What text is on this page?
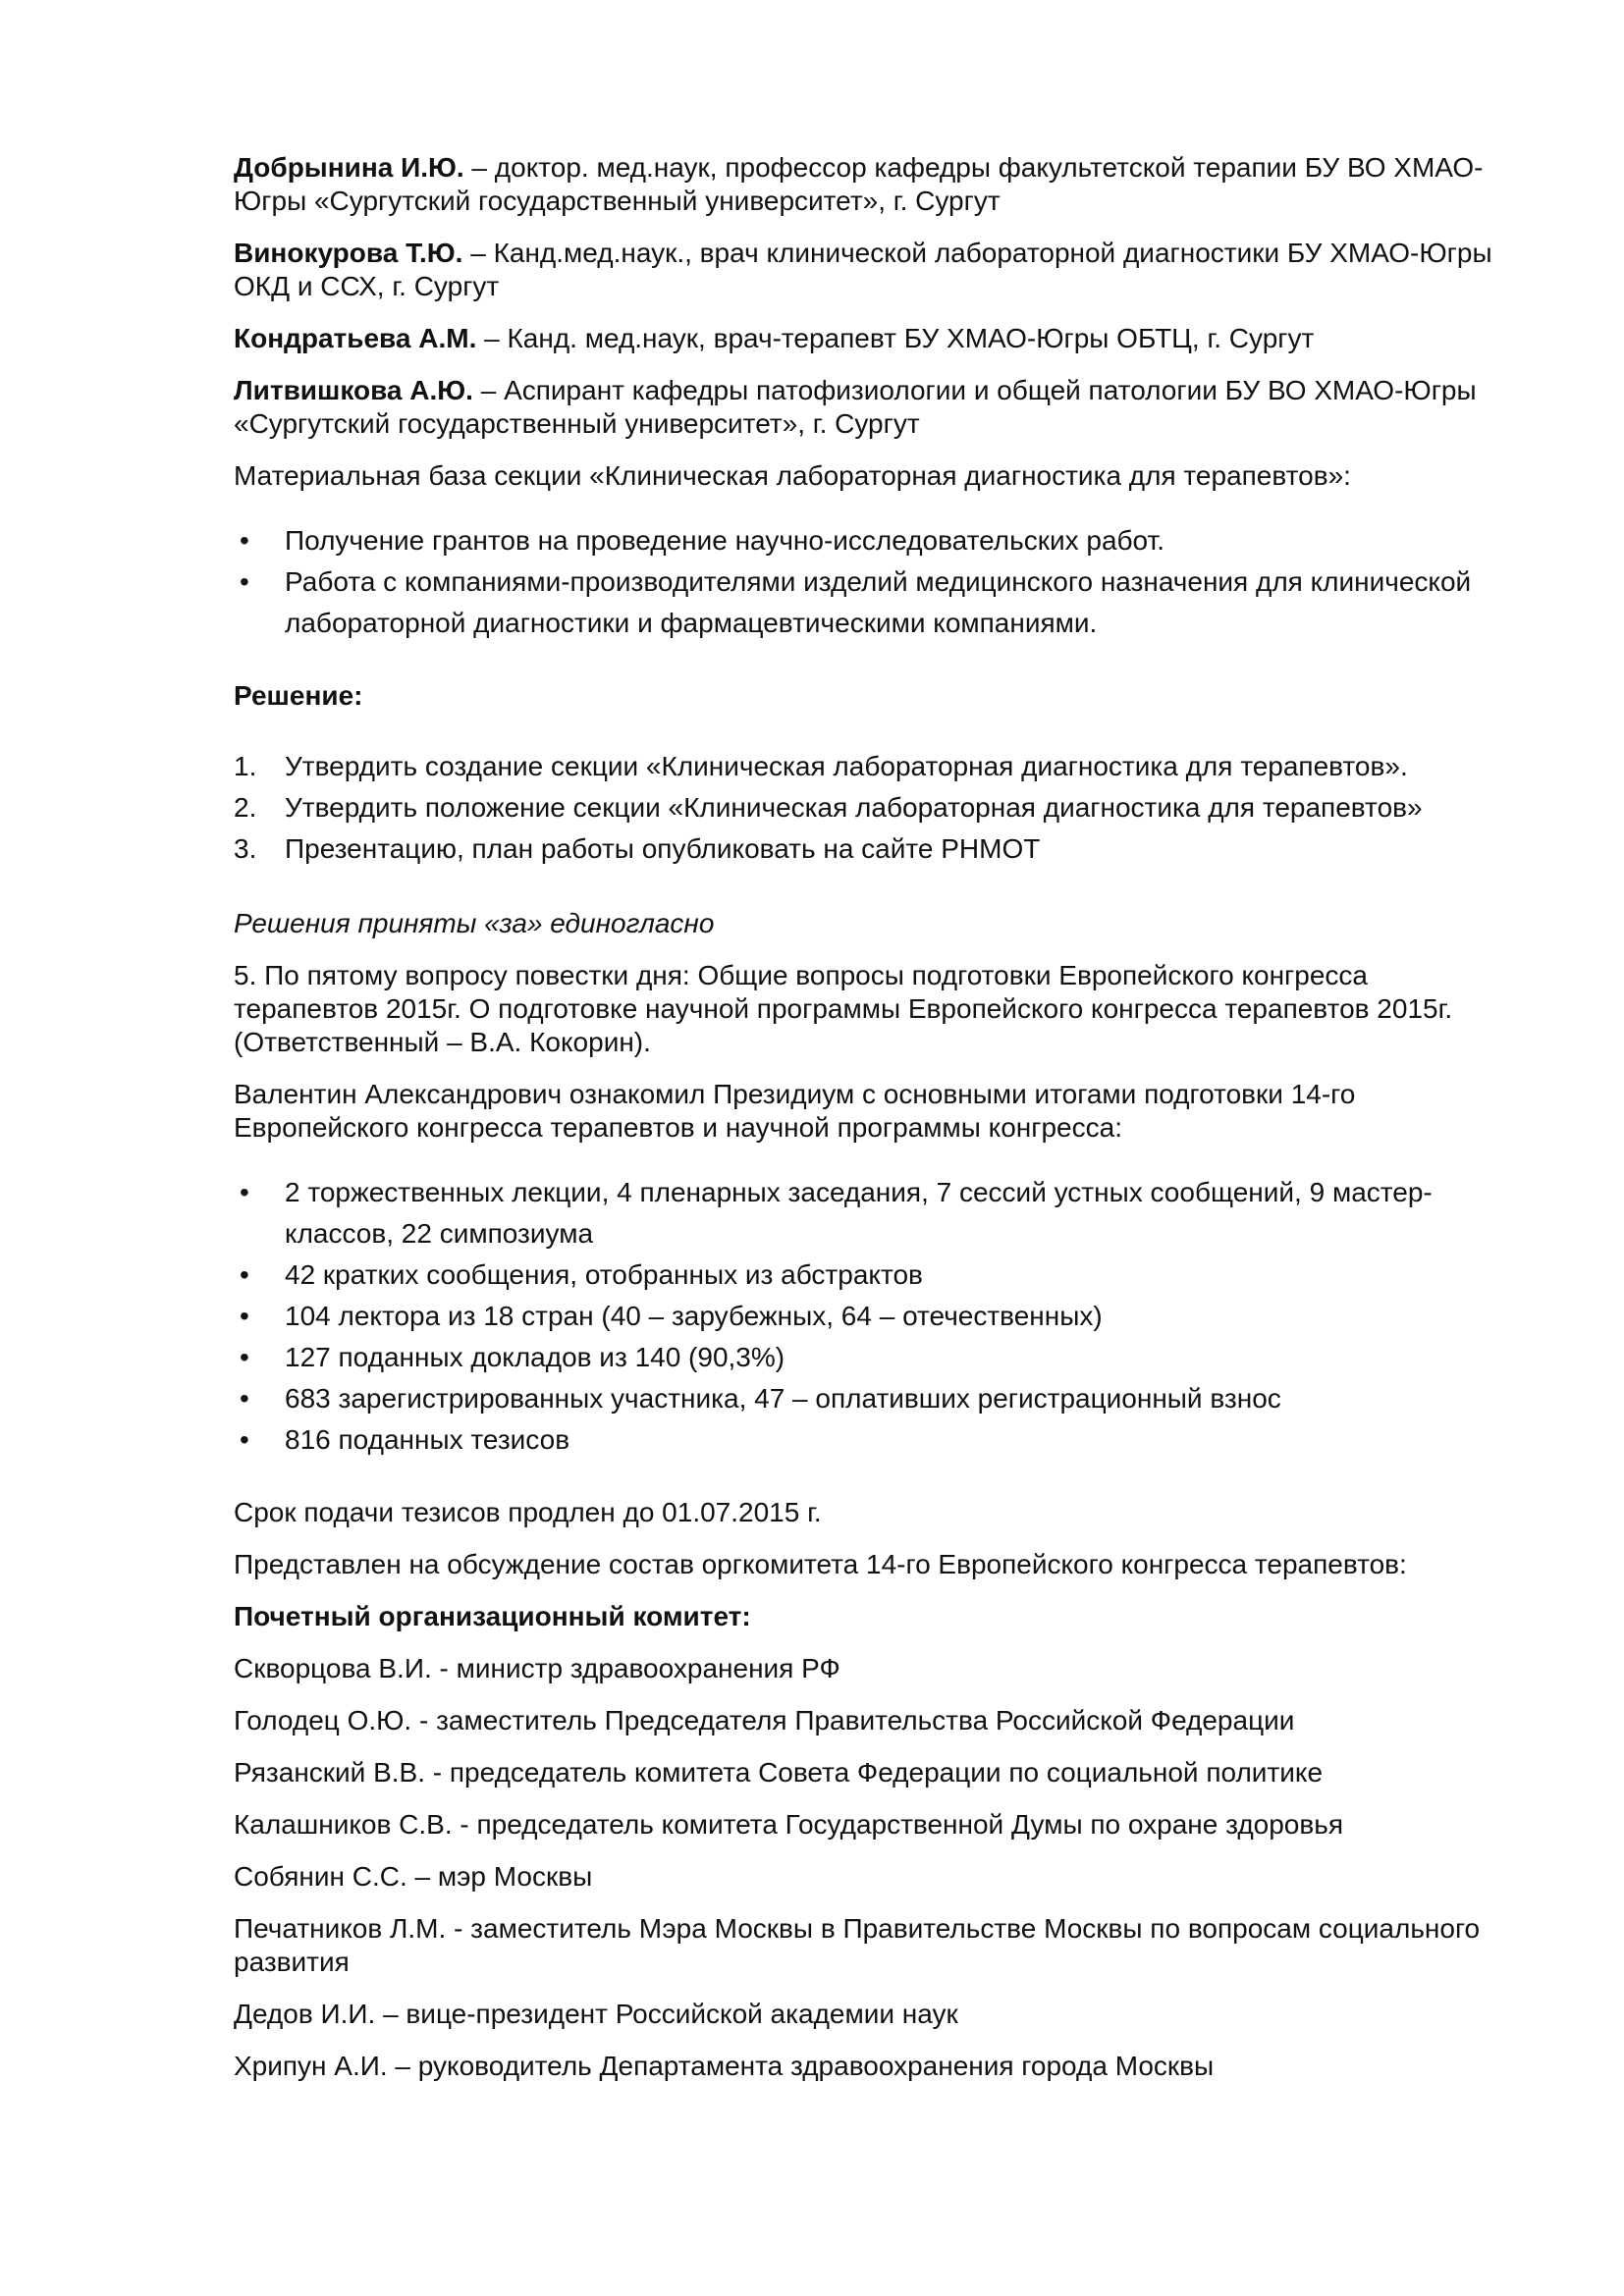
Добрынина И.Ю. – доктор. мед.наук, профессор кафедры факультетской терапии БУ ВО ХМАО-Югры «Сургутский государственный университет», г. Сургут

Винокурова Т.Ю. – Канд.мед.наук., врач клинической лабораторной диагностики БУ ХМАО-Югры ОКД и ССХ, г. Сургут

Кондратьева А.М. – Канд. мед.наук, врач-терапевт БУ ХМАО-Югры ОБТЦ, г. Сургут

Литвишкова А.Ю. – Аспирант кафедры патофизиологии и общей патологии БУ ВО ХМАО-Югры «Сургутский государственный университет», г. Сургут

Материальная база секции «Клиническая лабораторная диагностика для терапевтов»:

•	Получение грантов на проведение научно-исследовательских работ.
•	Работа с компаниями-производителями изделий медицинского назначения для клинической лабораторной диагностики и фармацевтическими компаниями.

Решение:

1. Утвердить создание секции «Клиническая лабораторная диагностика для терапевтов».
2. Утвердить положение секции «Клиническая лабораторная диагностика для терапевтов»
3. Презентацию, план работы опубликовать на сайте РНМОТ

Решения приняты «за» единогласно

5. По пятому вопросу повестки дня: Общие вопросы подготовки Европейского конгресса терапевтов 2015г. О подготовке научной программы Европейского конгресса терапевтов 2015г. (Ответственный – В.А. Кокорин).

Валентин Александрович ознакомил Президиум с основными итогами подготовки 14-го Европейского конгресса терапевтов и научной программы конгресса:

•	2 торжественных лекции, 4 пленарных заседания, 7 сессий устных сообщений, 9 мастер-классов, 22 симпозиума
•	42 кратких сообщения, отобранных из абстрактов
•	104 лектора из 18 стран (40 – зарубежных, 64 – отечественных)
•	127 поданных докладов из 140 (90,3%)
•	683 зарегистрированных участника, 47 – оплативших регистрационный взнос
•	816 поданных тезисов

Срок подачи тезисов продлен до 01.07.2015 г.

Представлен на обсуждение состав оргкомитета 14-го Европейского конгресса терапевтов:

Почетный организационный комитет:

Скворцова В.И. - министр здравоохранения РФ

Голодец О.Ю. - заместитель Председателя Правительства Российской Федерации

Рязанский В.В. - председатель комитета Совета Федерации по социальной политике

Калашников С.В. - председатель комитета Государственной Думы по охране здоровья

Собянин С.С. – мэр Москвы

Печатников Л.М. - заместитель Мэра Москвы в Правительстве Москвы по вопросам социального развития

Дедов И.И. – вице-президент Российской академии наук

Хрипун А.И. – руководитель Департамента здравоохранения города Москвы
